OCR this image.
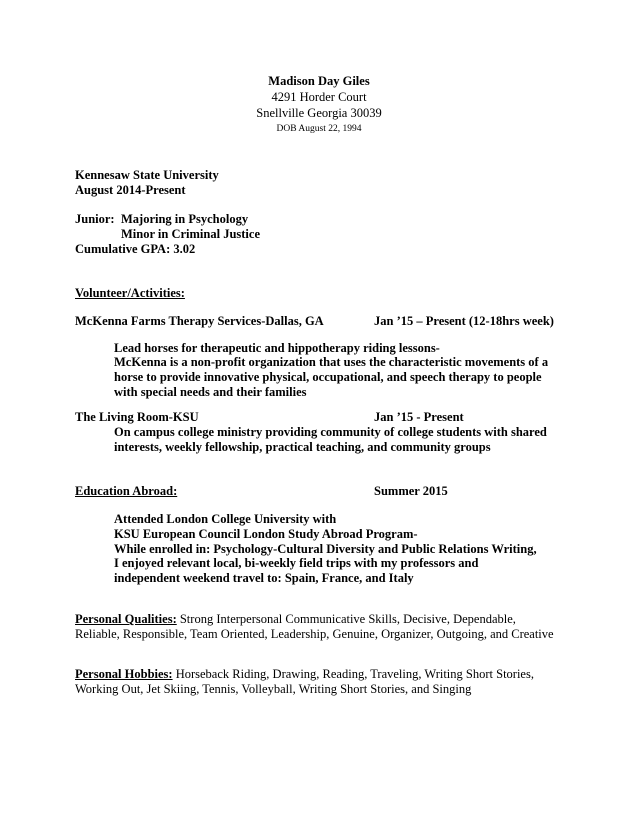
Madison Day Giles
4291 Horder Court
Snellville Georgia 30039
DOB August 22, 1994
Kennesaw State University
August 2014-Present
Junior: Majoring in Psychology
Minor in Criminal Justice
Cumulative GPA: 3.02
Volunteer/Activities:
McKenna Farms Therapy Services-Dallas, GA	Jan ’15 – Present (12-18hrs week)
Lead horses for therapeutic and hippotherapy riding lessons-
McKenna is a non-profit organization that uses the characteristic movements of a
horse to provide innovative physical, occupational, and speech therapy to people
with special needs and their families
The Living Room-KSU	Jan ’15 - Present
On campus college ministry providing community of college students with shared
interests, weekly fellowship, practical teaching, and community groups
Education Abroad:	Summer 2015
Attended London College University with
KSU European Council London Study Abroad Program-
While enrolled in: Psychology-Cultural Diversity and Public Relations Writing,
I enjoyed relevant local, bi-weekly field trips with my professors and
independent weekend travel to: Spain, France, and Italy
Personal Qualities: Strong Interpersonal Communicative Skills, Decisive, Dependable,
Reliable, Responsible, Team Oriented, Leadership, Genuine, Organizer, Outgoing, and Creative
Personal Hobbies: Horseback Riding, Drawing, Reading, Traveling, Writing Short Stories,
Working Out, Jet Skiing, Tennis, Volleyball, Writing Short Stories, and Singing
